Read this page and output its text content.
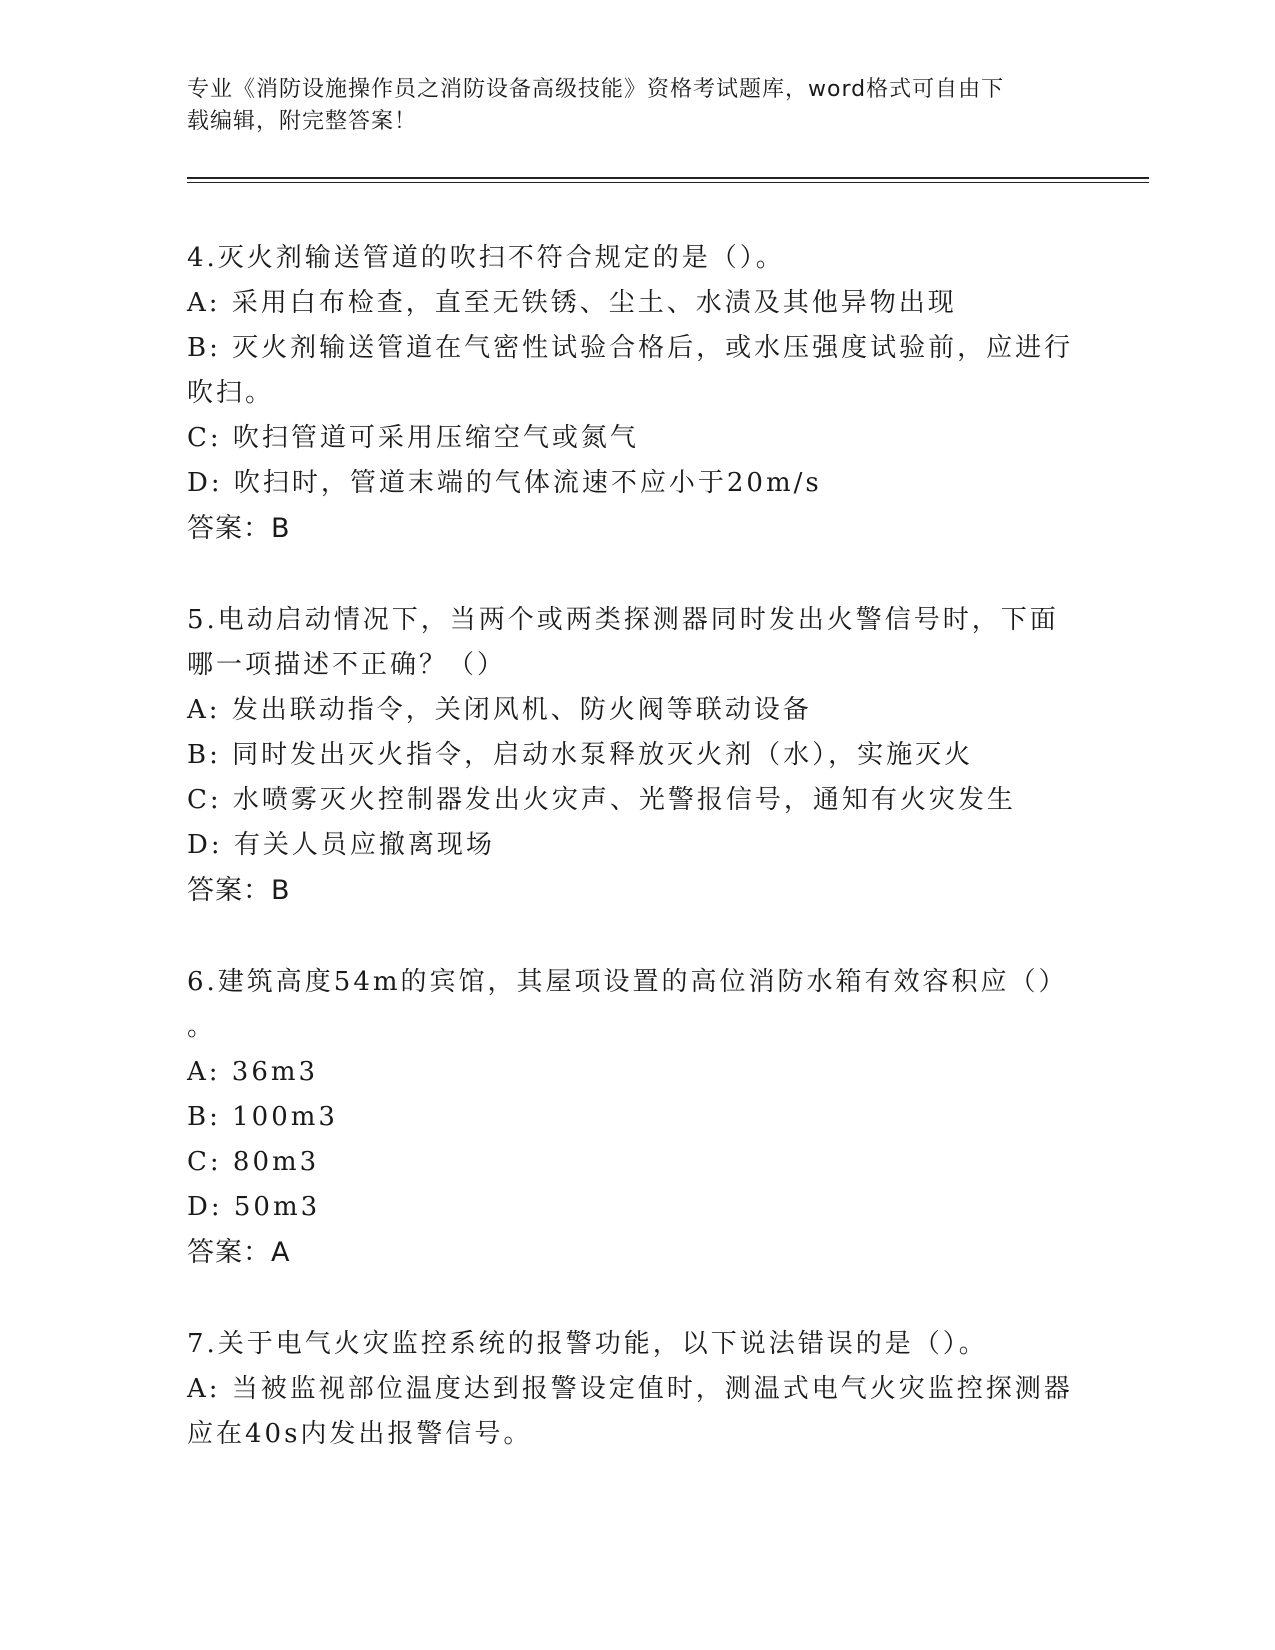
专业《消防设施操作员之消防设备高级技能》资格考试题库，word格式可自由下
载编辑，附完整答案！
4.灭火剂输送管道的吹扫不符合规定的是（）。
A: 采用白布检查，直至无铁锈、尘土、水渍及其他异物出现
B: 灭火剂输送管道在气密性试验合格后，或水压强度试验前，应进行
吹扫。
C: 吹扫管道可采用压缩空气或氮气
D: 吹扫时，管道末端的气体流速不应小于20m/s
答案：B
5.电动启动情况下，当两个或两类探测器同时发出火警信号时，下面
哪一项描述不正确？（）
A: 发出联动指令，关闭风机、防火阀等联动设备
B: 同时发出灭火指令，启动水泵释放灭火剂（水），实施灭火
C: 水喷雾灭火控制器发出火灾声、光警报信号，通知有火灾发生
D: 有关人员应撤离现场
答案：B
6.建筑高度54m的宾馆，其屋项设置的高位消防水箱有效容积应（）
。
A: 36m3
B: 100m3
C: 80m3
D: 50m3
答案：A
7.关于电气火灾监控系统的报警功能，以下说法错误的是（）。
A: 当被监视部位温度达到报警设定值时，测温式电气火灾监控探测器
应在40s内发出报警信号。
